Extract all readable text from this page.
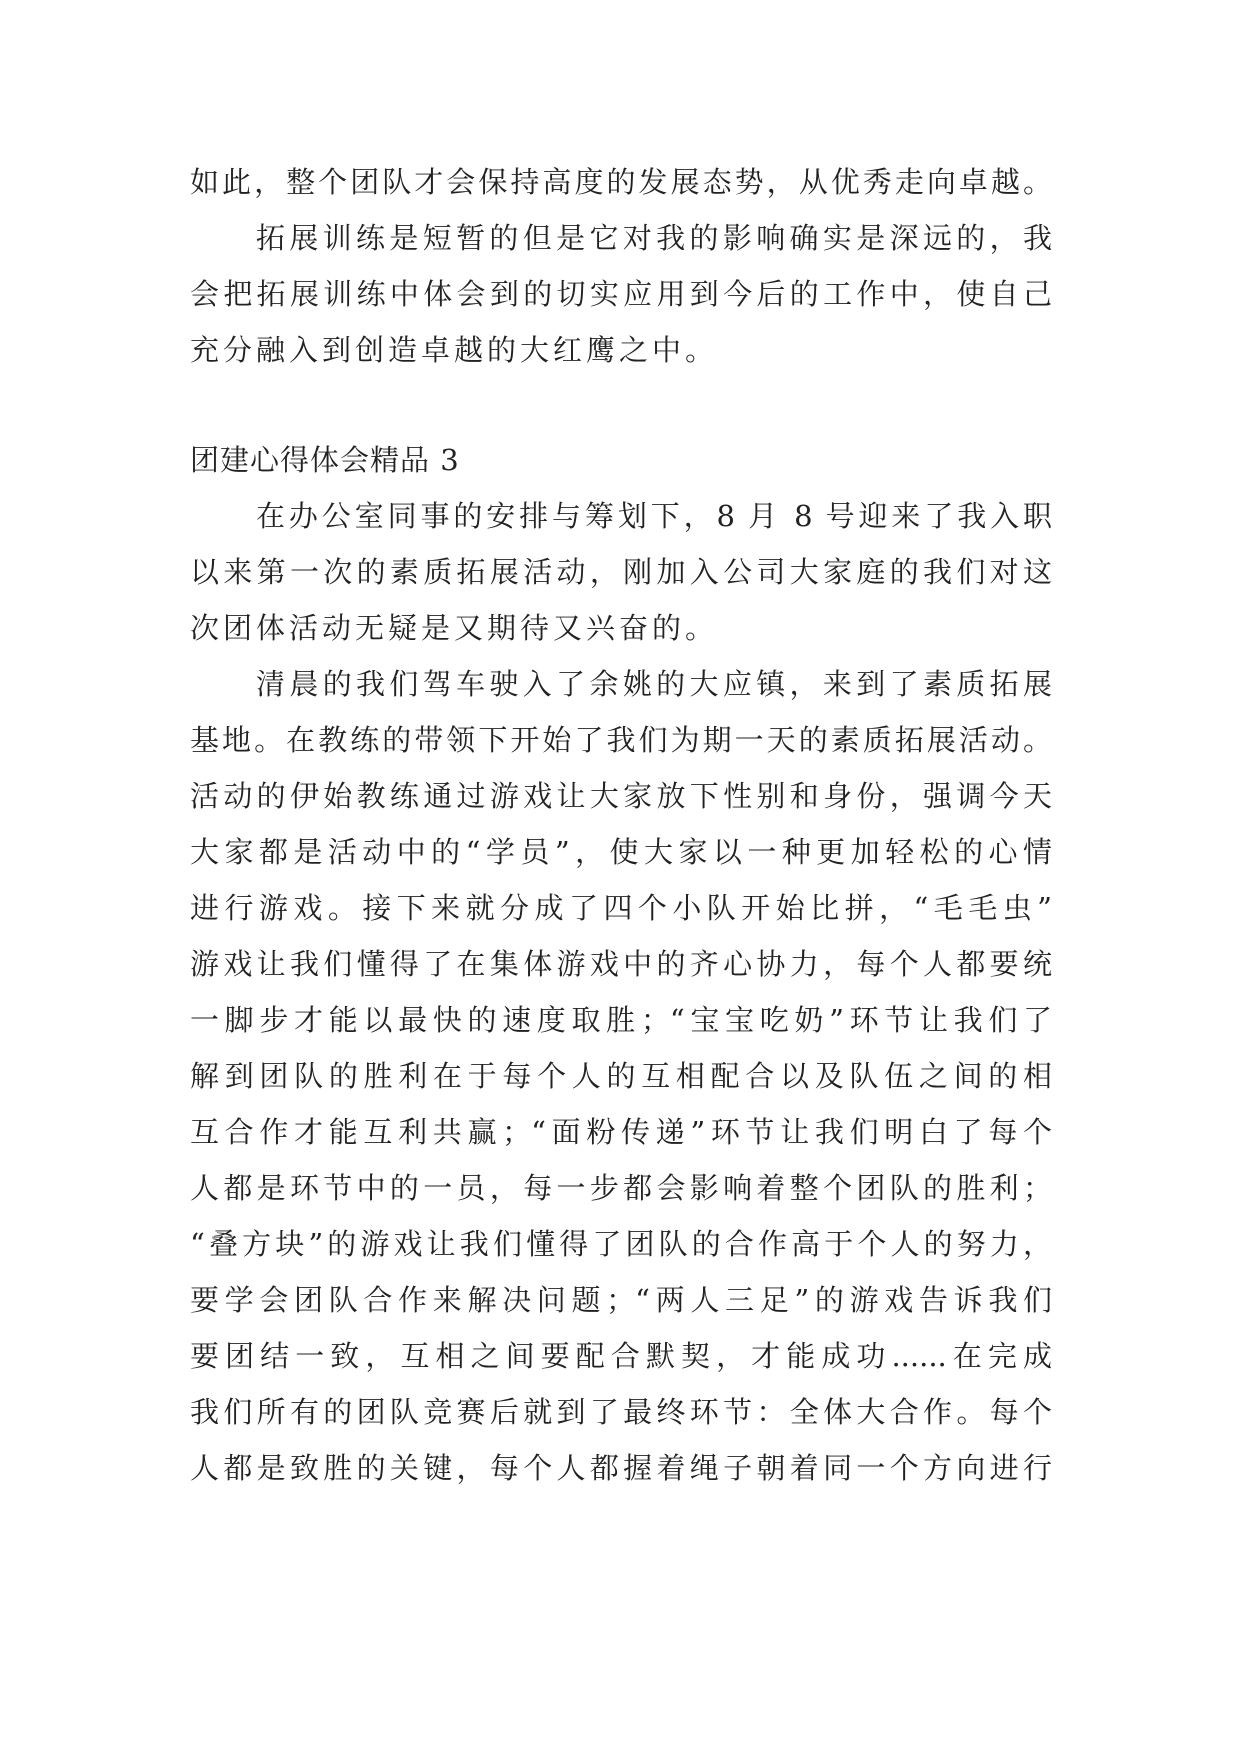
如此，整个团队才会保持高度的发展态势，从优秀走向卓越。
拓展训练是短暂的但是它对我的影响确实是深远的，我
会把拓展训练中体会到的切实应用到今后的工作中，使自己
充分融入到创造卓越的大红鹰之中。
团建心得体会精品 3
在办公室同事的安排与筹划下，8 月 8 号迎来了我入职
以来第一次的素质拓展活动，刚加入公司大家庭的我们对这
次团体活动无疑是又期待又兴奋的。
清晨的我们驾车驶入了余姚的大应镇，来到了素质拓展
基地。在教练的带领下开始了我们为期一天的素质拓展活动。
活动的伊始教练通过游戏让大家放下性别和身份，强调今天
大家都是活动中的“学员”，使大家以一种更加轻松的心情
进行游戏。接下来就分成了四个小队开始比拼，“毛毛虫”
游戏让我们懂得了在集体游戏中的齐心协力，每个人都要统
一脚步才能以最快的速度取胜；“宝宝吃奶”环节让我们了
解到团队的胜利在于每个人的互相配合以及队伍之间的相
互合作才能互利共赢；“面粉传递”环节让我们明白了每个
人都是环节中的一员，每一步都会影响着整个团队的胜利；
“叠方块”的游戏让我们懂得了团队的合作高于个人的努力，
要学会团队合作来解决问题；“两人三足”的游戏告诉我们
要团结一致，互相之间要配合默契，才能成功......在完成
我们所有的团队竞赛后就到了最终环节：全体大合作。每个
人都是致胜的关键，每个人都握着绳子朝着同一个方向进行
